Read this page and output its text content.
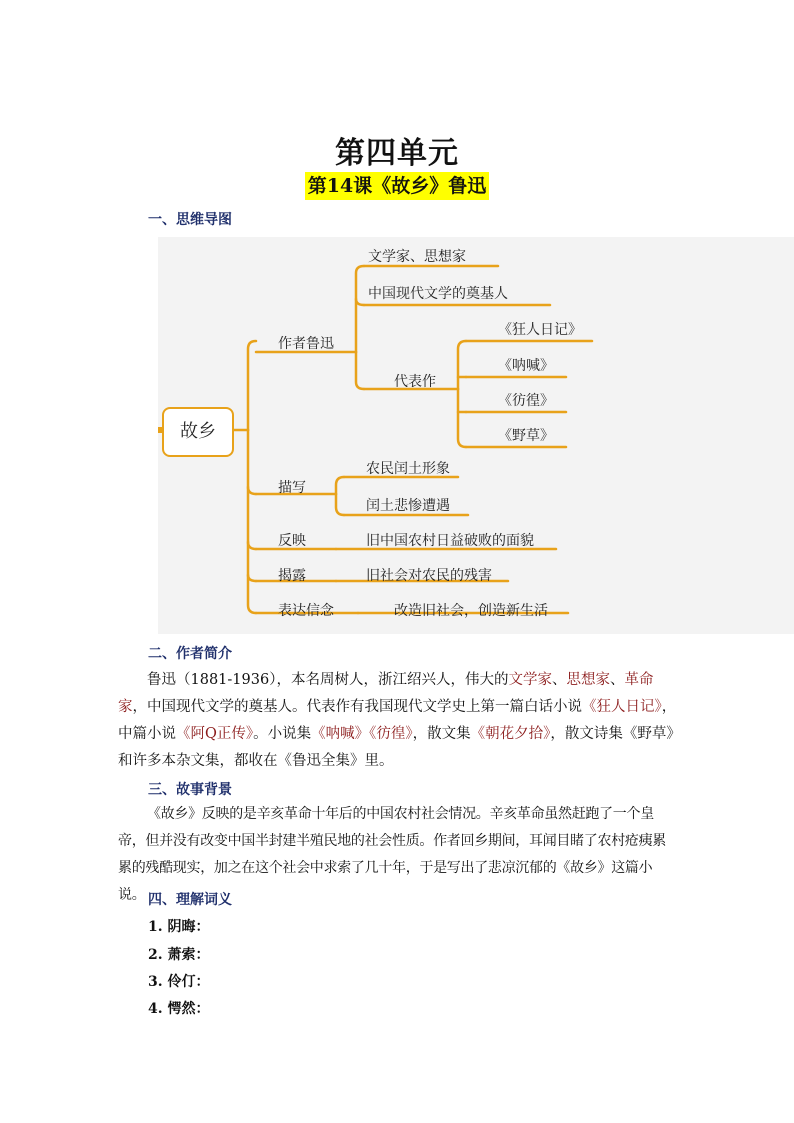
第四单元
第14课《故乡》鲁迅
一、思维导图
故乡
作者鲁迅
文学家、思想家
中国现代文学的奠基人
代表作
《狂人日记》
《呐喊》
《彷徨》
《野草》
描写
农民闰土形象
闰土悲惨遭遇
反映	旧中国农村日益破败的面貌
揭露	旧社会对农民的残害
表达信念	改造旧社会，创造新生活
二、作者简介

鲁迅（1881-1936），本名周树人，浙江绍兴人，伟大的文学家、思想家、革命家，中国现代文学的奠基人。代表作有我国现代文学史上第一篇白话小说《狂人日记》，中篇小说《阿Q正传》。小说集《呐喊》《彷徨》，散文集《朝花夕拾》，散文诗集《野草》和许多本杂文集，都收在《鲁迅全集》里。

三、故事背景

《故乡》反映的是辛亥革命十年后的中国农村社会情况。辛亥革命虽然赶跑了一个皇帝，但并没有改变中国半封建半殖民地的社会性质。作者回乡期间，耳闻目睹了农村疮痍累累的残酷现实，加之在这个社会中求索了几十年，于是写出了悲凉沉郁的《故乡》这篇小说。 四、理解词义
1. 阴晦：
2. 萧索：
3. 伶仃：
4. 愕然：
